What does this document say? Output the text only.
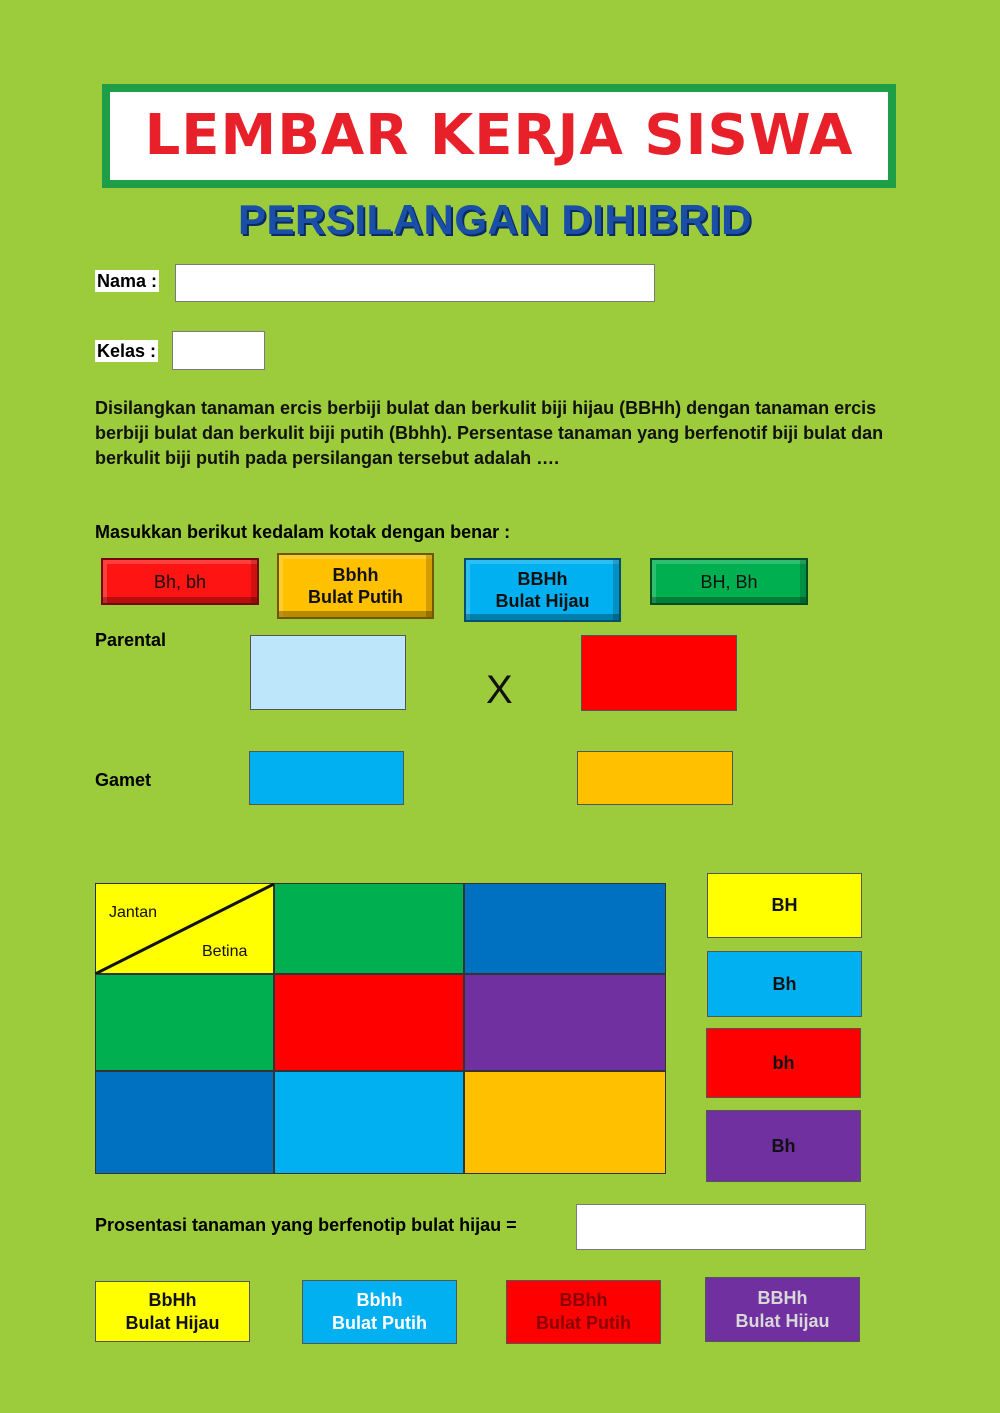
LEMBAR KERJA SISWA
PERSILANGAN DIHIBRID
Nama :
Kelas :
Disilangkan tanaman ercis berbiji bulat dan berkulit biji hijau (BBHh) dengan tanaman ercis berbiji bulat dan berkulit biji putih (Bbhh). Persentase tanaman yang berfenotif biji bulat dan berkulit biji putih pada persilangan tersebut adalah ….
Masukkan berikut kedalam kotak dengan benar :
Bh, bh	Bbhh
Bulat Putih
BBHh
Bulat Hijau
BH, Bh
Parental
X
Gamet
Jantan
Betina
BH
Bh
bh
Bh
Prosentasi tanaman yang berfenotip bulat hijau =
BbHh
Bulat Hijau
Bbhh
Bulat Putih
BBhh
Bulat Putih
BBHh
Bulat Hijau
